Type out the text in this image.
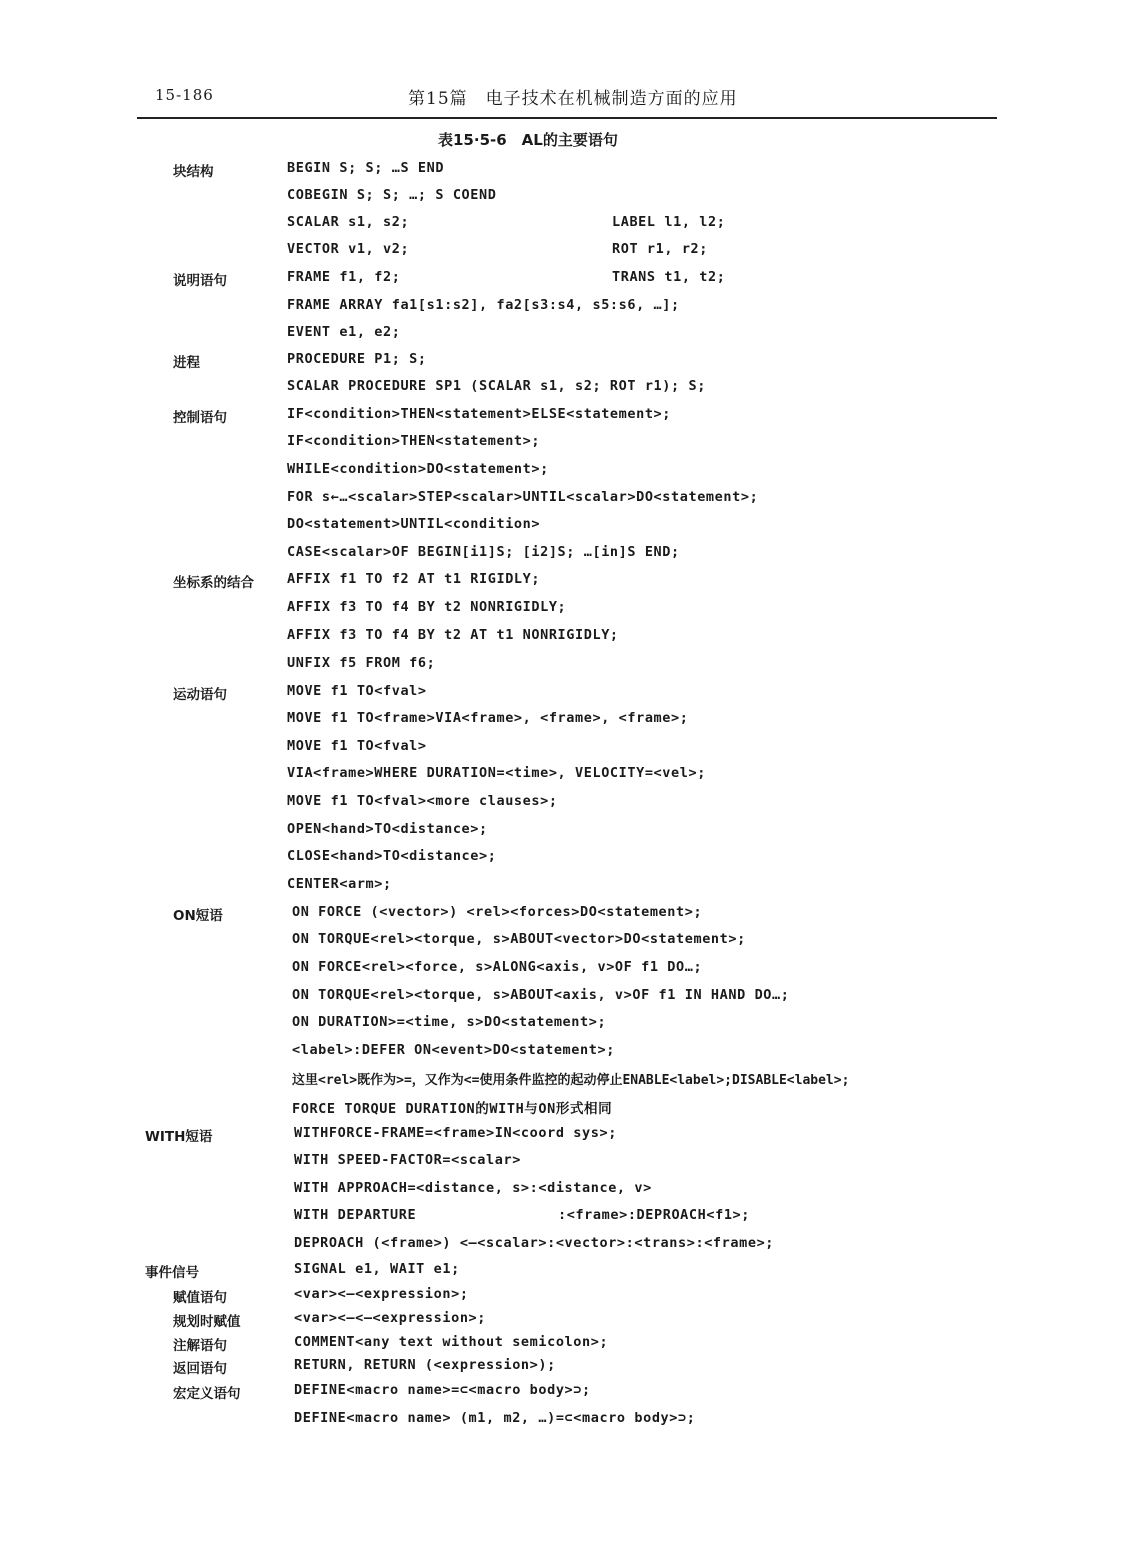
15-186	第15篇　电子技术在机械制造方面的应用
表15·5-6　AL的主要语句
块结构	BEGIN S; S; …S END
COBEGIN S; S; …; S COEND
SCALAR s1, s2;	LABEL l1, l2;
VECTOR v1, v2;	ROT r1, r2;
说明语句	FRAME f1, f2;	TRANS t1, t2;
FRAME ARRAY fa1[s1:s2], fa2[s3:s4, s5:s6, …];
EVENT e1, e2;
进程	PROCEDURE P1; S;
SCALAR PROCEDURE SP1 (SCALAR s1, s2; ROT r1); S;
控制语句	IF<condition>THEN<statement>ELSE<statement>;
IF<condition>THEN<statement>;
WHILE<condition>DO<statement>;
FOR s←…<scalar>STEP<scalar>UNTIL<scalar>DO<statement>;
DO<statement>UNTIL<condition>
CASE<scalar>OF BEGIN[i1]S; [i2]S; …[in]S END;
坐标系的结合 AFFIX f1 TO f2 AT t1 RIGIDLY;
AFFIX f3 TO f4 BY t2 NONRIGIDLY;
AFFIX f3 TO f4 BY t2 AT t1 NONRIGIDLY;
UNFIX f5 FROM f6;
运动语句	MOVE f1 TO<fval>
MOVE f1 TO<frame>VIA<frame>, <frame>, <frame>;
MOVE f1 TO<fval>
VIA<frame>WHERE DURATION=<time>, VELOCITY=<vel>;
MOVE f1 TO<fval><more clauses>;
OPEN<hand>TO<distance>;
CLOSE<hand>TO<distance>;
CENTER<arm>;
ON短语	ON FORCE (<vector>) <rel><forces>DO<statement>;
ON TORQUE<rel><torque, s>ABOUT<vector>DO<statement>;
ON FORCE<rel><force, s>ALONG<axis, v>OF f1 DO…;
ON TORQUE<rel><torque, s>ABOUT<axis, v>OF f1 IN HAND DO…;
ON DURATION>=<time, s>DO<statement>;
<label>:DEFER ON<event>DO<statement>;
这里<rel>既作为>=，又作为<=使用条件监控的起动停止ENABLE<label>;DISABLE<label>;
FORCE TORQUE DURATION的WITH与ON形式相同
WITH短语	WITHFORCE-FRAME=<frame>IN<coord sys>;
WITH SPEED-FACTOR=<scalar>
WITH APPROACH=<distance, s>:<distance, v>
WITH DEPARTURE	:<frame>:DEPROACH<f1>;
DEPROACH (<frame>) <—<scalar>:<vector>:<trans>:<frame>;
事件信号	SIGNAL e1, WAIT e1;
赋值语句	<var><—<expression>;
规划时赋值	<var><—<—<expression>;
注解语句	COMMENT<any text without semicolon>;
返回语句	RETURN, RETURN (<expression>);
宏定义语句	DEFINE<macro name>=⊂<macro body>⊃;
DEFINE<macro name> (m1, m2, …)=⊂<macro body>⊃;
